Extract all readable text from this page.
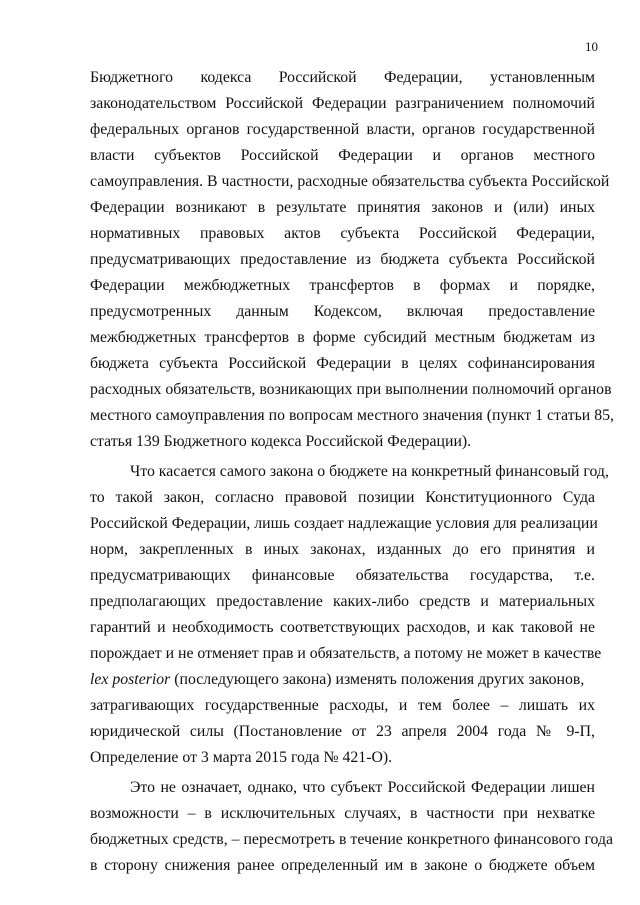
10
Бюджетного кодекса Российской Федерации, установленным
законодательством Российской Федерации разграничением полномочий
федеральных органов государственной власти, органов государственной
власти субъектов Российской Федерации и органов местного
самоуправления. В частности, расходные обязательства субъекта Российской
Федерации возникают в результате принятия законов и (или) иных
нормативных правовых актов субъекта Российской Федерации,
предусматривающих предоставление из бюджета субъекта Российской
Федерации межбюджетных трансфертов в формах и порядке,
предусмотренных данным Кодексом, включая предоставление
межбюджетных трансфертов в форме субсидий местным бюджетам из
бюджета субъекта Российской Федерации в целях софинансирования
расходных обязательств, возникающих при выполнении полномочий органов
местного самоуправления по вопросам местного значения (пункт 1 статьи 85,
статья 139 Бюджетного кодекса Российской Федерации).
Что касается самого закона о бюджете на конкретный финансовый год,
то такой закон, согласно правовой позиции Конституционного Суда
Российской Федерации, лишь создает надлежащие условия для реализации
норм, закрепленных в иных законах, изданных до его принятия и
предусматривающих финансовые обязательства государства, т.е.
предполагающих предоставление каких-либо средств и материальных
гарантий и необходимость соответствующих расходов, и как таковой не
порождает и не отменяет прав и обязательств, а потому не может в качестве
lex posterior (последующего закона) изменять положения других законов,
затрагивающих государственные расходы, и тем более – лишать их
юридической силы (Постановление от 23 апреля 2004 года № 9-П,
Определение от 3 марта 2015 года № 421-О).
Это не означает, однако, что субъект Российской Федерации лишен
возможности – в исключительных случаях, в частности при нехватке
бюджетных средств, – пересмотреть в течение конкретного финансового года
в сторону снижения ранее определенный им в законе о бюджете объем
